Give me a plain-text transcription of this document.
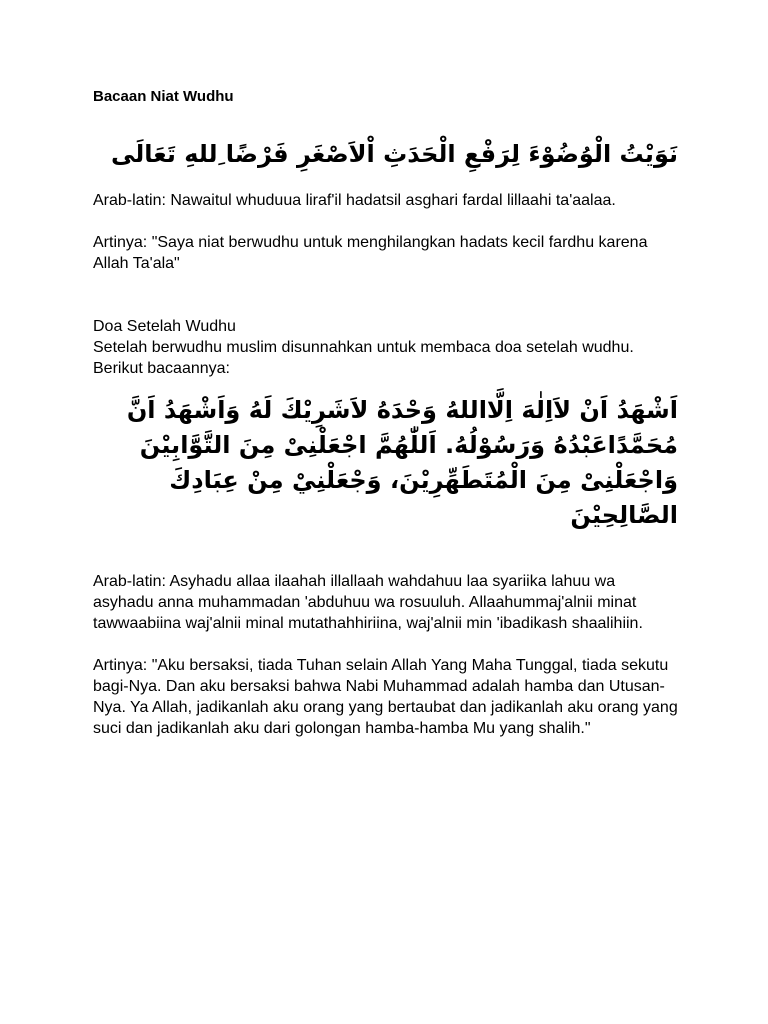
Bacaan Niat Wudhu

نَوَيْتُ الْوُضُوْءَ لِرَفْعِ الْحَدَثِ اْلاَصْغَرِ فَرْضًا ِللهِ تَعَالَى

Arab-latin: Nawaitul whuduua liraf'il hadatsil asghari fardal lillaahi ta'aalaa.

Artinya: "Saya niat berwudhu untuk menghilangkan hadats kecil fardhu karena Allah Ta'ala"

Doa Setelah Wudhu

Setelah berwudhu muslim disunnahkan untuk membaca doa setelah wudhu. Berikut bacaannya:

اَشْهَدُ اَنْ لاَاِلٰهَ اِلَّااللهُ وَحْدَهُ لاَشَرِيْكَ لَهُ وَاَشْهَدُ اَنَّ مُحَمَّدًاعَبْدُهُ وَرَسُوْلُهُ. اَللّٰهُمَّ اجْعَلْنِىْ مِنَ التَّوَّابِيْنَ وَاجْعَلْنِىْ مِنَ الْمُتَطَهِّرِيْنَ، وَجْعَلْنِيْ مِنْ عِبَادِكَ الصَّالِحِيْنَ

Arab-latin: Asyhadu allaa ilaahah illallaah wahdahuu laa syariika lahuu wa asyhadu anna muhammadan 'abduhuu wa rosuuluh. Allaahummaj'alnii minat tawwaabiina waj'alnii minal mutathahhiriina, waj'alnii min 'ibadikash shaalihiin.

Artinya: "Aku bersaksi, tiada Tuhan selain Allah Yang Maha Tunggal, tiada sekutu bagi-Nya. Dan aku bersaksi bahwa Nabi Muhammad adalah hamba dan Utusan-Nya. Ya Allah, jadikanlah aku orang yang bertaubat dan jadikanlah aku orang yang suci dan jadikanlah aku dari golongan hamba-hamba Mu yang shalih."
